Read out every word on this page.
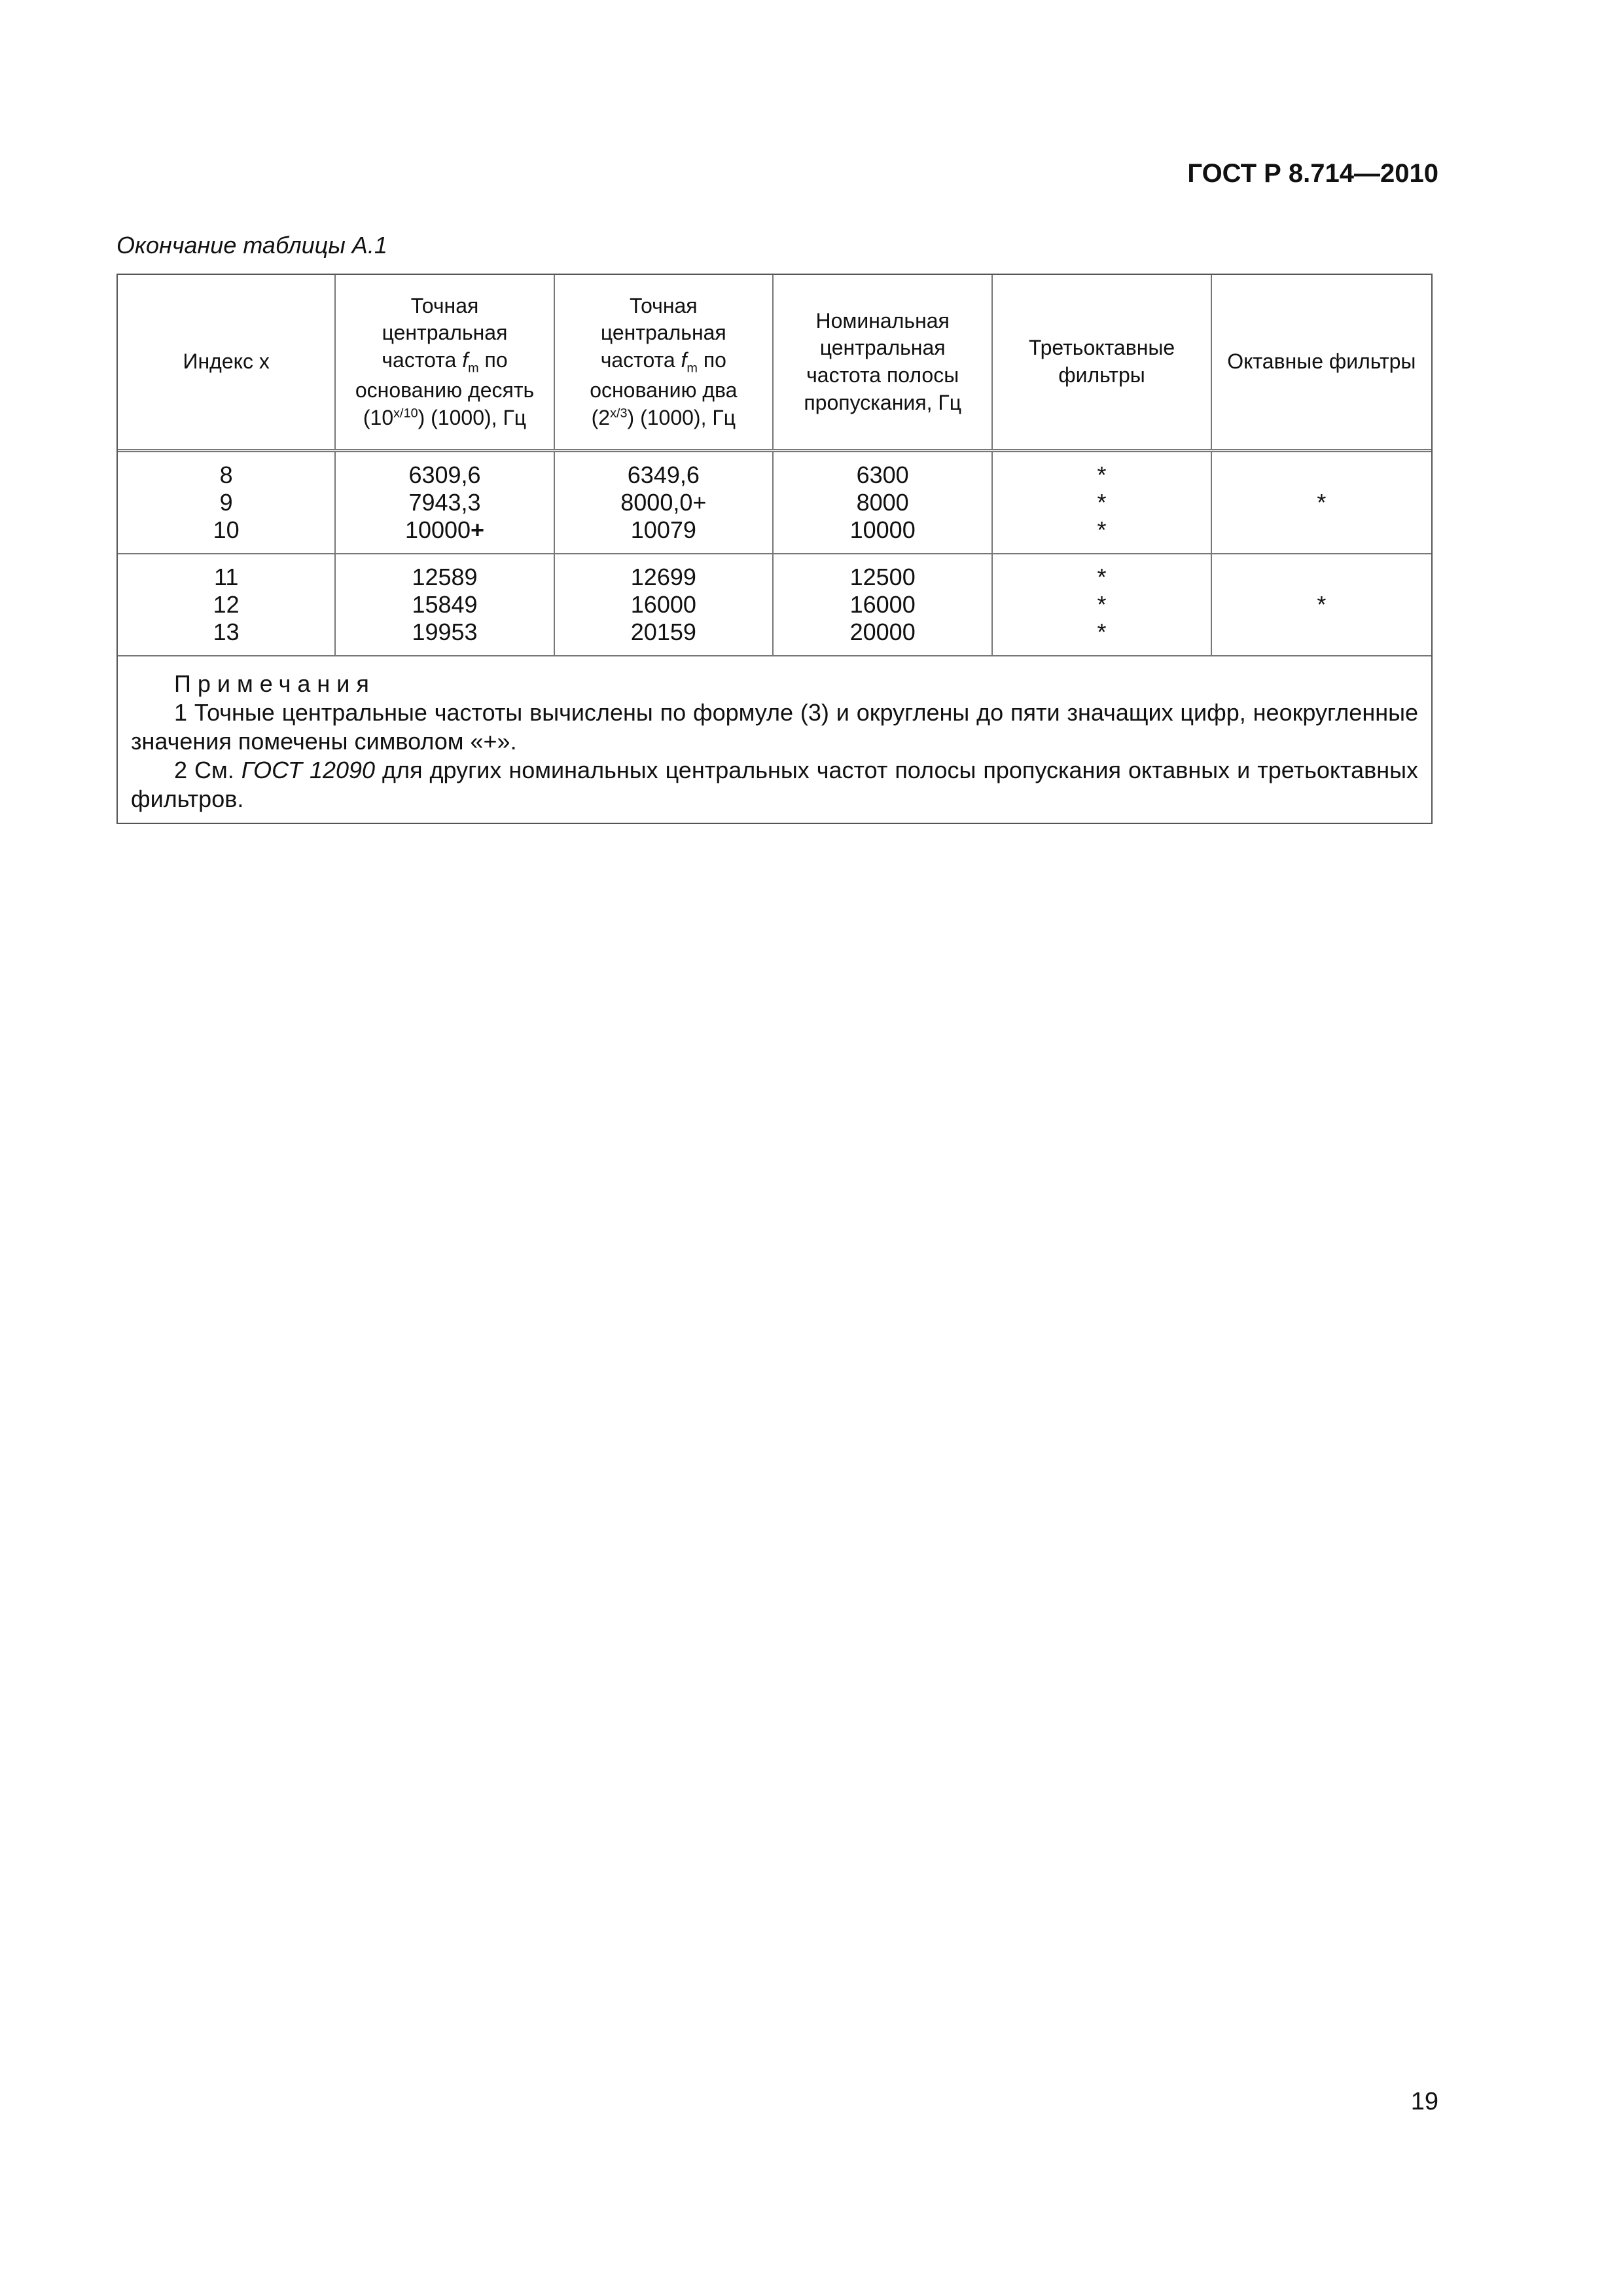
ГОСТ Р 8.714—2010
Окончание таблицы А.1
Индекс x
Точная
центральная
частота $f_m$ по
основанию десять
$(10^{x/10})$ (1000), Гц
Точная
центральная
частота $f_m$ по
основанию два
$(2^{x/3})$ (1000), Гц
Номинальная
центральная
частота полосы
пропускания, Гц
Третьоктавные
фильтры
Октавные фильтры
8
9
10
6309,6
7943,3
10000+
6349,6
8000,0+
10079
6300
8000
10000
*
*
*
*
11
12
13
12589
15849
19953
12699
16000
20159
12500
16000
20000
*
*
*
*
Примечания
1 Точные центральные частоты вычислены по формуле (3) и округлены до пяти значащих цифр, неокругленные значения помечены символом «+».
2 См. ГОСТ 12090 для других номинальных центральных частот полосы пропускания октавных и третьоктавных фильтров.
19
